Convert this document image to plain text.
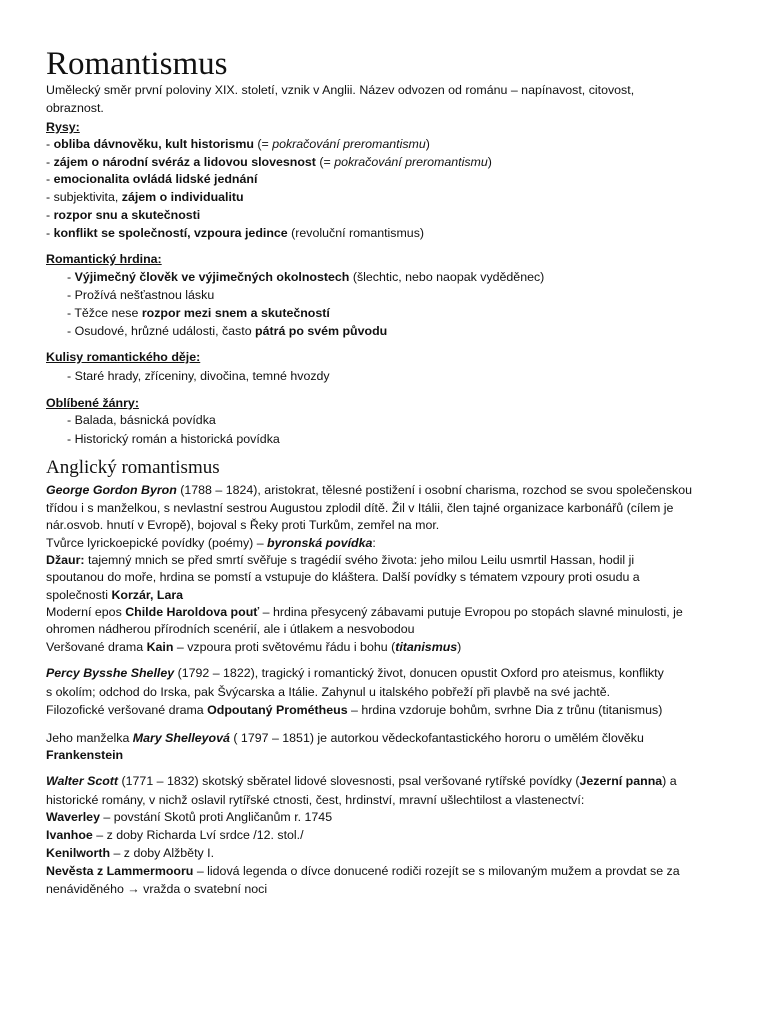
Romantismus
Umělecký směr první poloviny XIX. století, vznik v Anglii. Název odvozen od románu – napínavost, citovost,
obraznost.
Rysy:
- obliba dávnověku, kult historismu (= pokračování preromantismu)
- zájem o národní svéráz a lidovou slovesnost (= pokračování preromantismu)
- emocionalita ovládá lidské jednání
- subjektivita, zájem o individualitu
- rozpor snu a skutečnosti
- konflikt se společností, vzpoura jedince (revoluční romantismus)
Romantický hrdina:
- Výjimečný člověk ve výjimečných okolnostech (šlechtic, nebo naopak vyděděnec)
- Prožívá nešťastnou lásku
- Těžce nese rozpor mezi snem a skutečností
- Osudové, hrůzné události, často pátrá po svém původu
Kulisy romantického děje:
- Staré hrady, zříceniny, divočina, temné hvozdy
Oblíbené žánry:
- Balada, básnická povídka
- Historický román a historická povídka
Anglický romantismus
George Gordon Byron (1788 – 1824), aristokrat, tělesné postižení i osobní charisma, rozchod se svou společenskou
třídou i s manželkou, s nevlastní sestrou Augustou zplodil dítě. Žil v Itálii, člen tajné organizace karbonářů (cílem je
nár.osvob. hnutí v Evropě), bojoval s Řeky proti Turkům, zemřel na mor.
Tvůrce lyrickoepické povídky (poémy) – byronská povídka:
Džaur: tajemný mnich se před smrtí svěřuje s tragédií svého života: jeho milou Leilu usmrtil Hassan, hodil ji
spoutanou do moře, hrdina se pomstí a vstupuje do kláštera. Další povídky s tématem vzpoury proti osudu a
společnosti Korzár, Lara
Moderní epos Childe Haroldova pouť – hrdina přesycený zábavami putuje Evropou po stopách slavné minulosti, je
ohromen nádherou přírodních scenérií, ale i útlakem a nesvobodou
Veršované drama Kain – vzpoura proti světovému řádu i bohu (titanismus)
Percy Bysshe Shelley (1792 – 1822), tragický i romantický život, donucen opustit Oxford pro ateismus, konflikty
s okolím; odchod do Irska, pak Švýcarska a Itálie. Zahynul u italského pobřeží při plavbě na své jachtě.
Filozofické veršované drama Odpoutaný Prométheus – hrdina vzdoruje bohům, svrhne Dia z trůnu (titanismus)
Jeho manželka Mary Shelleyová ( 1797 – 1851) je autorkou vědeckofantastického hororu o umělém člověku
Frankenstein
Walter Scott (1771 – 1832) skotský sběratel lidové slovesnosti, psal veršované rytířské povídky (Jezerní panna) a
historické romány, v nichž oslavil rytířské ctnosti, čest, hrdinství, mravní ušlechtilost a vlastenectví:
Waverley – povstání Skotů proti Angličanům r. 1745
Ivanhoe – z doby Richarda Lví srdce /12. stol./
Kenilworth – z doby Alžběty I.
Nevěsta z Lammermooru – lidová legenda o dívce donucené rodiči rozejít se s milovaným mužem a provdat se za
nenáviděného → vražda o svatební noci
